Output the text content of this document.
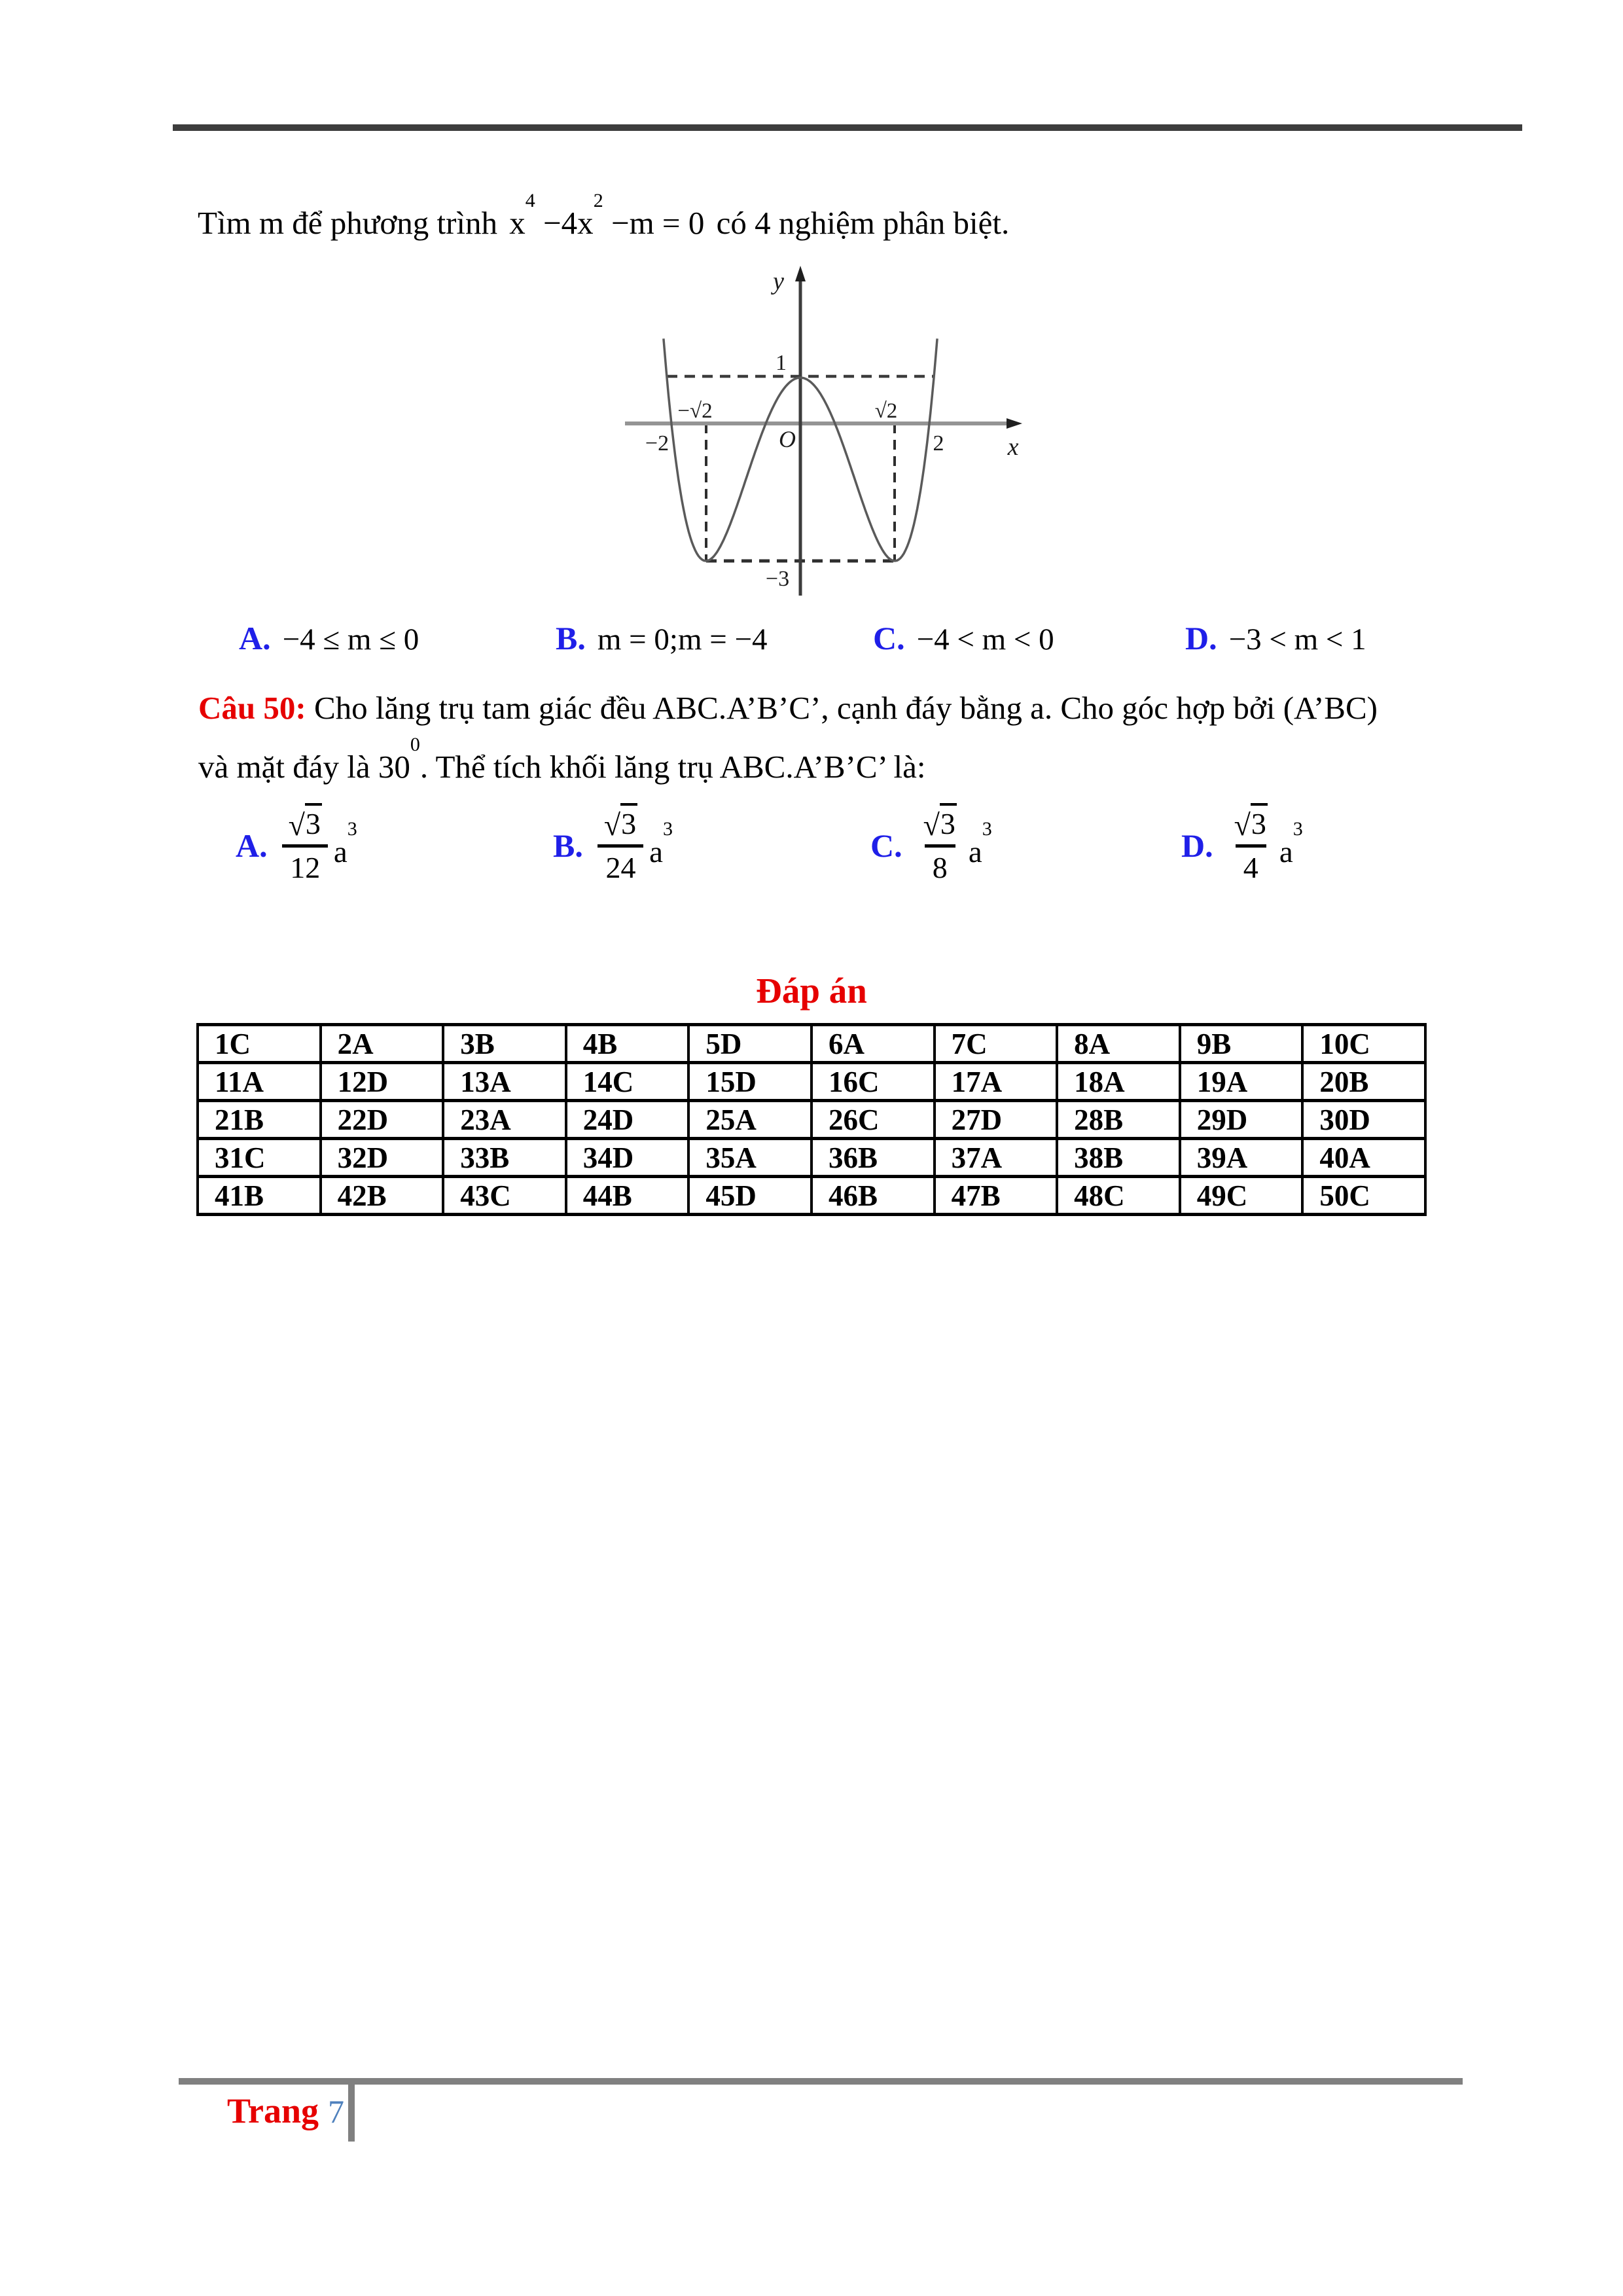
Tìm m để phương trình $x^4 -4x^2 -m = 0$ có 4 nghiệm phân biệt.
y
1
−√2	√2
−2	O	2	x
−3
A. −4 ≤ m ≤ 0	B. m = 0;m = −4	C. −4 < m < 0	D. −3 < m < 1
Câu 50: Cho lăng trụ tam giác đều ABC.A’B’C’, cạnh đáy bằng a. Cho góc hợp bởi (A’BC)
và mặt đáy là $30^0$. Thể tích khối lăng trụ ABC.A’B’C’ là:
A. $\frac{√3}{12} a^3$	B. $\frac{√3}{24} a^3$	C. $\frac{√3}{8} a^3$	D. $\frac{√3}{4} a^3$
Đáp án
1C	2A	3B	4B	5D	6A	7C	8A	9B	10C
11A	12D	13A	14C	15D	16C	17A	18A	19A	20B
21B	22D	23A	24D	25A	26C	27D	28B	29D	30D
31C	32D	33B	34D	35A	36B	37A	38B	39A	40A
41B	42B	43C	44B	45D	46B	47B	48C	49C	50C
Trang 7
